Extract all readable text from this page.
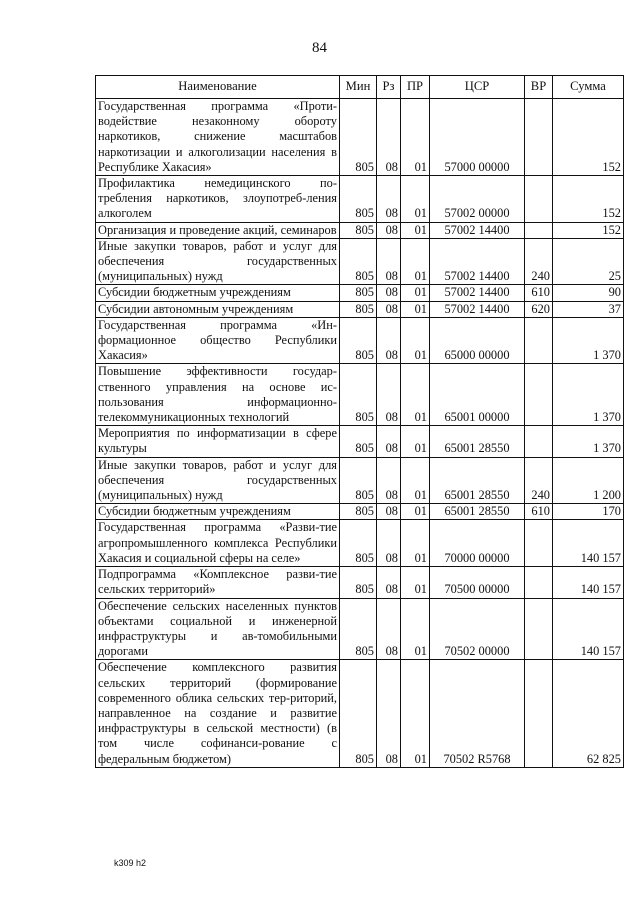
84
Наименование	Мин	Рз	ПР	ЦСР	ВР	Сумма
Государственная программа «Проти-водействие незаконному обороту наркотиков, снижение масштабов наркотизации и алкоголизации населения в Республике Хакасия»	805	08	01	57000 00000		152
Профилактика немедицинского по-требления наркотиков, злоупотреб-ления алкоголем	805	08	01	57002 00000		152
Организация и проведение акций, семинаров	805	08	01	57002 14400		152
Иные закупки товаров, работ и услуг для обеспечения государственных (муниципальных) нужд	805	08	01	57002 14400	240	25
Субсидии бюджетным учреждениям	805	08	01	57002 14400	610	90
Субсидии автономным учреждениям	805	08	01	57002 14400	620	37
Государственная программа «Ин-формационное общество Республики Хакасия»	805	08	01	65000 00000		1 370
Повышение эффективности государ-ственного управления на основе ис-пользования информационно-телекоммуникационных технологий	805	08	01	65001 00000		1 370
Мероприятия по информатизации в сфере культуры	805	08	01	65001 28550		1 370
Иные закупки товаров, работ и услуг для обеспечения государственных (муниципальных) нужд	805	08	01	65001 28550	240	1 200
Субсидии бюджетным учреждениям	805	08	01	65001 28550	610	170
Государственная программа «Разви-тие агропромышленного комплекса Республики Хакасия и социальной сферы на селе»	805	08	01	70000 00000		140 157
Подпрограмма «Комплексное разви-тие сельских территорий»	805	08	01	70500 00000		140 157
Обеспечение сельских населенных пунктов объектами социальной и инженерной инфраструктуры и ав-томобильными дорогами	805	08	01	70502 00000		140 157
Обеспечение комплексного развития сельских территорий (формирование современного облика сельских тер-риторий, направленное на создание и развитие инфраструктуры в сельской местности) (в том числе софинанси-рование с федеральным бюджетом)	805	08	01	70502 R5768		62 825
k309 h2
